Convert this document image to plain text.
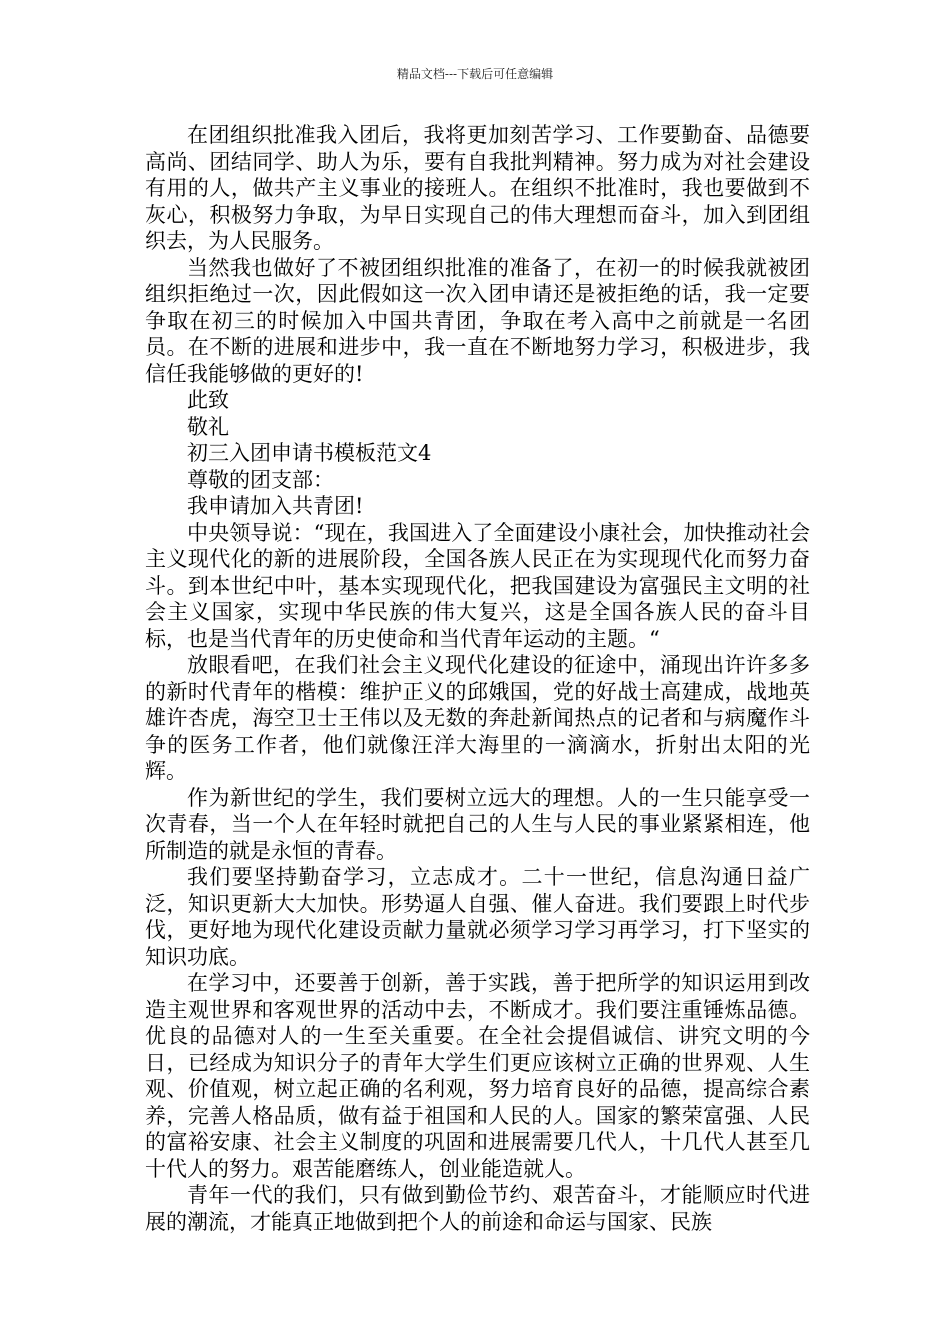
精品文档---下载后可任意编辑

在团组织批准我入团后，我将更加刻苦学习、工作要勤奋、品德要高尚、团结同学、助人为乐，要有自我批判精神。努力成为对社会建设有用的人，做共产主义事业的接班人。在组织不批准时，我也要做到不灰心，积极努力争取，为早日实现自己的伟大理想而奋斗，加入到团组织去，为人民服务。

当然我也做好了不被团组织批准的准备了，在初一的时候我就被团组织拒绝过一次，因此假如这一次入团申请还是被拒绝的话，我一定要争取在初三的时候加入中国共青团，争取在考入高中之前就是一名团员。在不断的进展和进步中，我一直在不断地努力学习，积极进步，我信任我能够做的更好的!

此致

敬礼

初三入团申请书模板范文4

尊敬的团支部：

我申请加入共青团!

中央领导说：“现在，我国进入了全面建设小康社会，加快推动社会主义现代化的新的进展阶段，全国各族人民正在为实现现代化而努力奋斗。到本世纪中叶，基本实现现代化，把我国建设为富强民主文明的社会主义国家，实现中华民族的伟大复兴，这是全国各族人民的奋斗目标，也是当代青年的历史使命和当代青年运动的主题。“

放眼看吧，在我们社会主义现代化建设的征途中，涌现出许许多多的新时代青年的楷模：维护正义的邱娥国，党的好战士高建成，战地英雄许杏虎，海空卫士王伟以及无数的奔赴新闻热点的记者和与病魔作斗争的医务工作者，他们就像汪洋大海里的一滴滴水，折射出太阳的光辉。

作为新世纪的学生，我们要树立远大的理想。人的一生只能享受一次青春，当一个人在年轻时就把自己的人生与人民的事业紧紧相连，他所制造的就是永恒的青春。

我们要坚持勤奋学习，立志成才。二十一世纪，信息沟通日益广泛，知识更新大大加快。形势逼人自强、催人奋进。我们要跟上时代步伐，更好地为现代化建设贡献力量就必须学习学习再学习，打下坚实的知识功底。

在学习中，还要善于创新，善于实践，善于把所学的知识运用到改造主观世界和客观世界的活动中去，不断成才。我们要注重锤炼品德。优良的品德对人的一生至关重要。在全社会提倡诚信、讲究文明的今日，已经成为知识分子的青年大学生们更应该树立正确的世界观、人生观、价值观，树立起正确的名利观，努力培育良好的品德，提高综合素养，完善人格品质，做有益于祖国和人民的人。国家的繁荣富强、人民的富裕安康、社会主义制度的巩固和进展需要几代人，十几代人甚至几十代人的努力。艰苦能磨练人，创业能造就人。

青年一代的我们，只有做到勤俭节约、艰苦奋斗，才能顺应时代进展的潮流，才能真正地做到把个人的前途和命运与国家、民族
